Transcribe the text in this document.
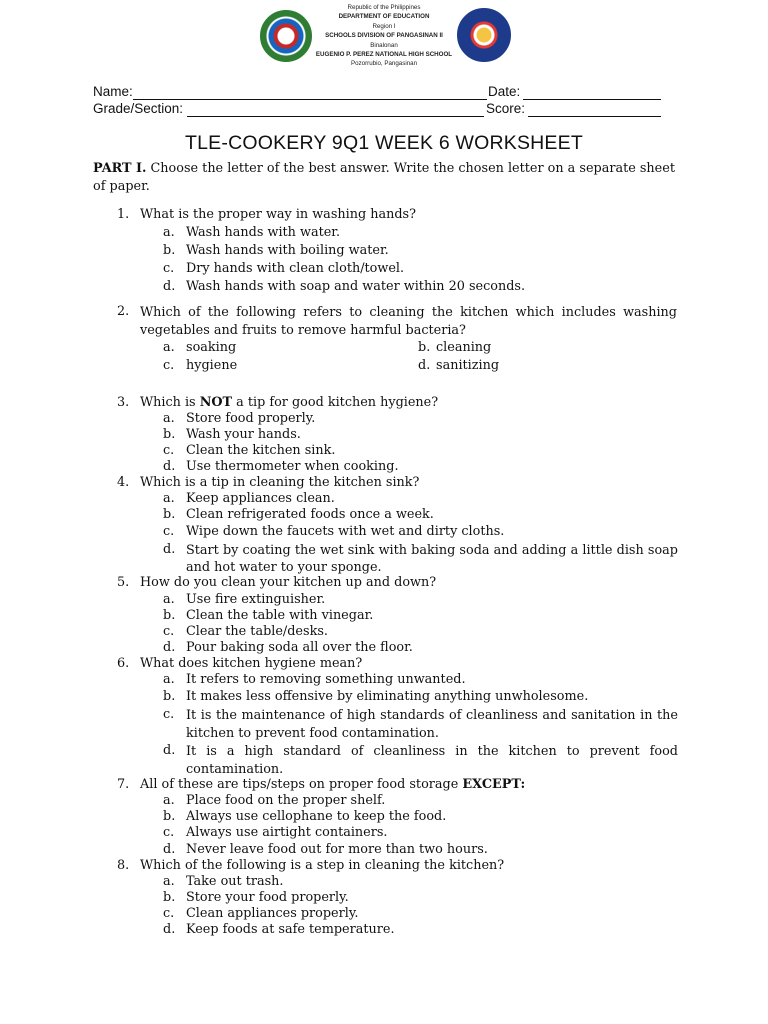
Republic of the Philippines
DEPARTMENT OF EDUCATION
Region I
SCHOOLS DIVISION OF PANGASINAN II
Binalonan
EUGENIO P. PEREZ NATIONAL HIGH SCHOOL
Pozorrubio, Pangasinan
Name:	Date:
Grade/Section:	Score:
TLE-COOKERY 9Q1 WEEK 6 WORKSHEET
PART I. Choose the letter of the best answer. Write the chosen letter on a separate sheet of paper.
1. What is the proper way in washing hands?
a. Wash hands with water.
b. Wash hands with boiling water.
c. Dry hands with clean cloth/towel.
d. Wash hands with soap and water within 20 seconds.
2. Which of the following refers to cleaning the kitchen which includes washing vegetables and fruits to remove harmful bacteria?
a. soaking	b. cleaning
c. hygiene	d. sanitizing
3. Which is NOT a tip for good kitchen hygiene?
a. Store food properly.
b. Wash your hands.
c. Clean the kitchen sink.
d. Use thermometer when cooking.
4. Which is a tip in cleaning the kitchen sink?
a. Keep appliances clean.
b. Clean refrigerated foods once a week.
c. Wipe down the faucets with wet and dirty cloths.
d. Start by coating the wet sink with baking soda and adding a little dish soap and hot water to your sponge.
5. How do you clean your kitchen up and down?
a. Use fire extinguisher.
b. Clean the table with vinegar.
c. Clear the table/desks.
d. Pour baking soda all over the floor.
6. What does kitchen hygiene mean?
a. It refers to removing something unwanted.
b. It makes less offensive by eliminating anything unwholesome.
c. It is the maintenance of high standards of cleanliness and sanitation in the kitchen to prevent food contamination.
d. It is a high standard of cleanliness in the kitchen to prevent food contamination.
7. All of these are tips/steps on proper food storage EXCEPT:
a. Place food on the proper shelf.
b. Always use cellophane to keep the food.
c. Always use airtight containers.
d. Never leave food out for more than two hours.
8. Which of the following is a step in cleaning the kitchen?
a. Take out trash.
b. Store your food properly.
c. Clean appliances properly.
d. Keep foods at safe temperature.
